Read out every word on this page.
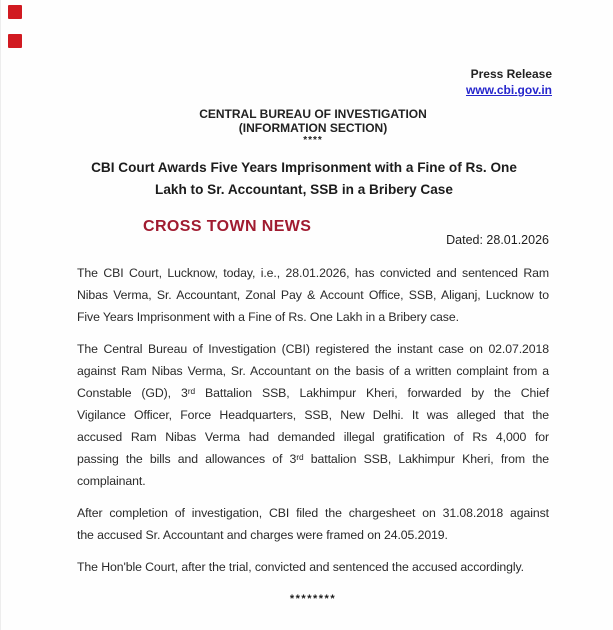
Press Release
www.cbi.gov.in
CENTRAL BUREAU OF INVESTIGATION
(INFORMATION SECTION)
****
CBI Court Awards Five Years Imprisonment with a Fine of Rs. One
Lakh to Sr. Accountant, SSB in a Bribery Case
CROSS TOWN NEWS
Dated: 28.01.2026
The CBI Court, Lucknow, today, i.e., 28.01.2026, has convicted and sentenced Ram
Nibas Verma, Sr. Accountant, Zonal Pay & Account Office, SSB, Aliganj, Lucknow to
Five Years Imprisonment with a Fine of Rs. One Lakh in a Bribery case.
The Central Bureau of Investigation (CBI) registered the instant case on 02.07.2018
against Ram Nibas Verma, Sr. Accountant on the basis of a written complaint from a
Constable (GD), 3ʳᵈ Battalion SSB, Lakhimpur Kheri, forwarded by the Chief
Vigilance Officer, Force Headquarters, SSB, New Delhi. It was alleged that the
accused Ram Nibas Verma had demanded illegal gratification of Rs 4,000 for
passing the bills and allowances of 3ʳᵈ battalion SSB, Lakhimpur Kheri, from the
complainant.
After completion of investigation, CBI filed the chargesheet on 31.08.2018 against
the accused Sr. Accountant and charges were framed on 24.05.2019.
The Hon'ble Court, after the trial, convicted and sentenced the accused accordingly.
********
